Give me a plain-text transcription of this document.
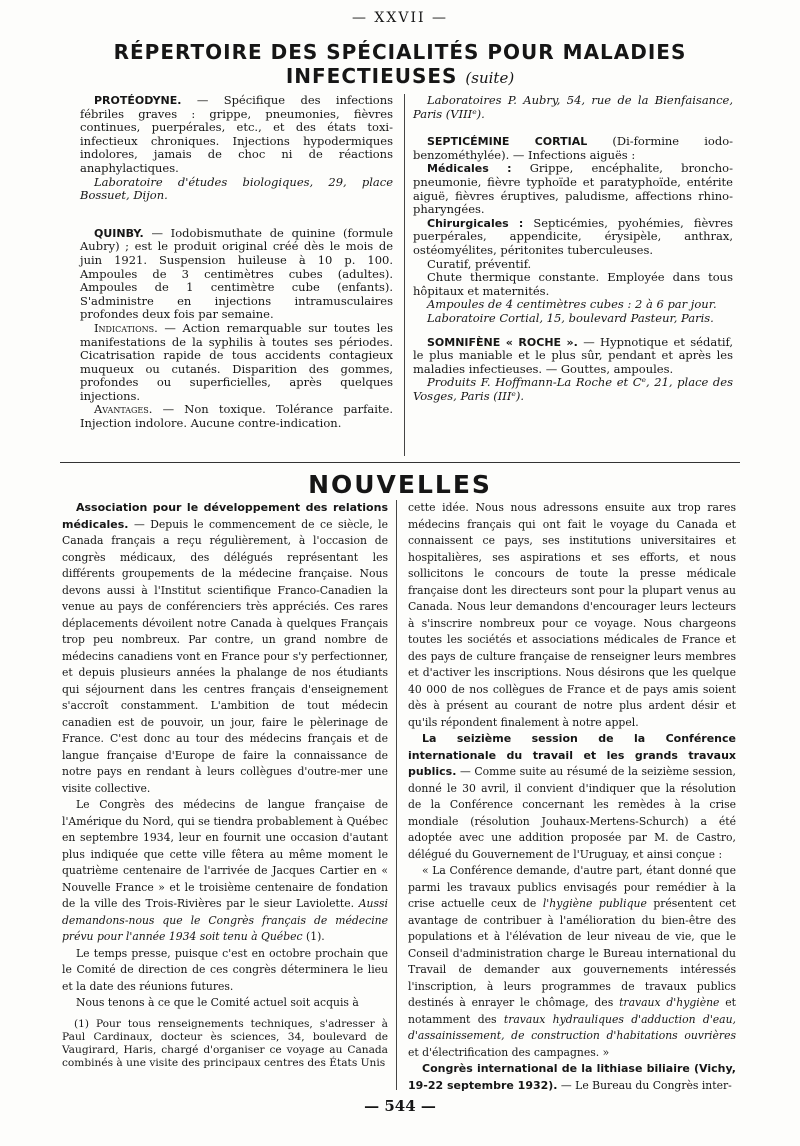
— XXVII —
RÉPERTOIRE DES SPÉCIALITÉS POUR MALADIES INFECTIEUSES (suite)

PROTÉODYNE. — Spécifique des infections fébriles graves : grippe, pneumonies, fièvres continues, puerpérales, etc., et des états toxi-infectieux chroniques. Injections hypodermiques indolores, jamais de choc ni de réactions anaphylactiques.

Laboratoire d'études biologiques, 29, place Bossuet, Dijon.

QUINBY. — Iodobismuthate de quinine (formule Aubry) ; est le produit original créé dès le mois de juin 1921. Suspension huileuse à 10 p. 100. Ampoules de 3 centimètres cubes (adultes). Ampoules de 1 centimètre cube (enfants). S'administre en injections intramusculaires profondes deux fois par semaine.

Indications. — Action remarquable sur toutes les manifestations de la syphilis à toutes ses périodes. Cicatrisation rapide de tous accidents contagieux muqueux ou cutanés. Disparition des gommes, profondes ou superficielles, après quelques injections.

Avantages. — Non toxique. Tolérance parfaite. Injection indolore. Aucune contre-indication.

Laboratoires P. Aubry, 54, rue de la Bienfaisance, Paris (VIIIᵉ).

SEPTICÉMINE CORTIAL (Di-formine iodo-benzométhylée). — Infections aiguës :

Médicales : Grippe, encéphalite, broncho-pneumonie, fièvre typhoïde et paratyphoïde, entérite aiguë, fièvres éruptives, paludisme, affections rhino-pharyngées.

Chirurgicales : Septicémies, pyohémies, fièvres puerpérales, appendicite, érysipèle, anthrax, ostéomyélites, péritonites tuberculeuses.

Curatif, préventif.

Chute thermique constante. Employée dans tous hôpitaux et maternités.

Ampoules de 4 centimètres cubes : 2 à 6 par jour.

Laboratoire Cortial, 15, boulevard Pasteur, Paris.

SOMNIFÈNE « ROCHE ». — Hypnotique et sédatif, le plus maniable et le plus sûr, pendant et après les maladies infectieuses. — Gouttes, ampoules.

Produits F. Hoffmann-La Roche et Cᵉ, 21, place des Vosges, Paris (IIIᵉ).

NOUVELLES

Association pour le développement des relations médicales. — Depuis le commencement de ce siècle, le Canada français a reçu régulièrement, à l'occasion de congrès médicaux, des délégués représentant les différents groupements de la médecine française. Nous devons aussi à l'Institut scientifique Franco-Canadien la venue au pays de conférenciers très appréciés. Ces rares déplacements dévoilent notre Canada à quelques Français trop peu nombreux. Par contre, un grand nombre de médecins canadiens vont en France pour s'y perfectionner, et depuis plusieurs années la phalange de nos étudiants qui séjournent dans les centres français d'enseignement s'accroît constamment. L'ambition de tout médecin canadien est de pouvoir, un jour, faire le pèlerinage de France. C'est donc au tour des médecins français et de langue française d'Europe de faire la connaissance de notre pays en rendant à leurs collègues d'outre-mer une visite collective.

Le Congrès des médecins de langue française de l'Amérique du Nord, qui se tiendra probablement à Québec en septembre 1934, leur en fournit une occasion d'autant plus indiquée que cette ville fêtera au même moment le quatrième centenaire de l'arrivée de Jacques Cartier en « Nouvelle France » et le troisième centenaire de fondation de la ville des Trois-Rivières par le sieur Laviolette. Aussi demandons-nous que le Congrès français de médecine prévu pour l'année 1934 soit tenu à Québec (1).

Le temps presse, puisque c'est en octobre prochain que le Comité de direction de ces congrès déterminera le lieu et la date des réunions futures.

Nous tenons à ce que le Comité actuel soit acquis à

(1) Pour tous renseignements techniques, s'adresser à Paul Cardinaux, docteur ès sciences, 34, boulevard de Vaugirard, Haris, chargé d'organiser ce voyage au Canada combinés à une visite des principaux centres des États Unis

cette idée. Nous nous adressons ensuite aux trop rares médecins français qui ont fait le voyage du Canada et connaissent ce pays, ses institutions universitaires et hospitalières, ses aspirations et ses efforts, et nous sollicitons le concours de toute la presse médicale française dont les directeurs sont pour la plupart venus au Canada. Nous leur demandons d'encourager leurs lecteurs à s'inscrire nombreux pour ce voyage. Nous chargeons toutes les sociétés et associations médicales de France et des pays de culture française de renseigner leurs membres et d'activer les inscriptions. Nous désirons que les quelque 40 000 de nos collègues de France et de pays amis soient dès à présent au courant de notre plus ardent désir et qu'ils répondent finalement à notre appel.

La seizième session de la Conférence internationale du travail et les grands travaux publics. — Comme suite au résumé de la seizième session, donné le 30 avril, il convient d'indiquer que la résolution de la Conférence concernant les remèdes à la crise mondiale (résolution Jouhaux-Mertens-Schurch) a été adoptée avec une addition proposée par M. de Castro, délégué du Gouvernement de l'Uruguay, et ainsi conçue :

« La Conférence demande, d'autre part, étant donné que parmi les travaux publics envisagés pour remédier à la crise actuelle ceux de l'hygiène publique présentent cet avantage de contribuer à l'amélioration du bien-être des populations et à l'élévation de leur niveau de vie, que le Conseil d'administration charge le Bureau international du Travail de demander aux gouvernements intéressés l'inscription, à leurs programmes de travaux publics destinés à enrayer le chômage, des travaux d'hygiène et notamment des travaux hydrauliques d'adduction d'eau, d'assainissement, de construction d'habitations ouvrières et d'électrification des campagnes. »

Congrès international de la lithiase biliaire (Vichy, 19-22 septembre 1932). — Le Bureau du Congrès inter-

— 544 —
